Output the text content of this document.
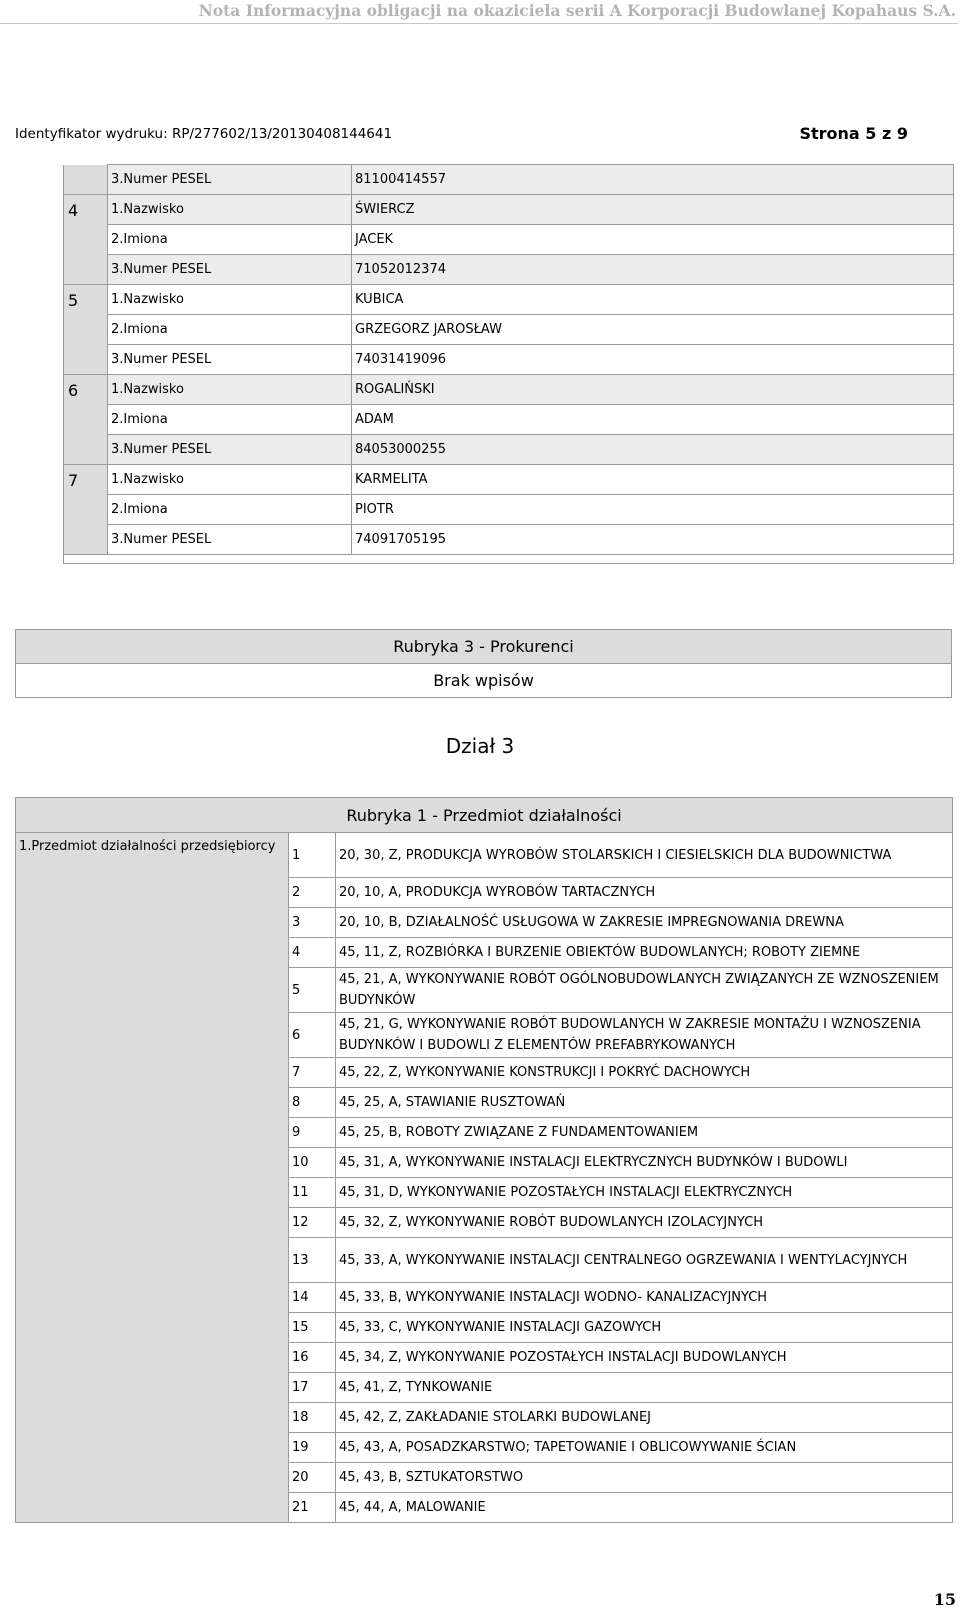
Nota Informacyjna obligacji na okaziciela serii A Korporacji Budowlanej Kopahaus S.A.
Identyfikator wydruku: RP/277602/13/20130408144641	Strona 5 z 9
	3.Numer PESEL	81100414557
4	1.Nazwisko	ŚWIERCZ
	2.Imiona	JACEK
	3.Numer PESEL	71052012374
5	1.Nazwisko	KUBICA
	2.Imiona	GRZEGORZ JAROSŁAW
	3.Numer PESEL	74031419096
6	1.Nazwisko	ROGALIŃSKI
	2.Imiona	ADAM
	3.Numer PESEL	84053000255
7	1.Nazwisko	KARMELITA
	2.Imiona	PIOTR
	3.Numer PESEL	74091705195

Rubryka 3 - Prokurenci
Brak wpisów
Dział 3
Rubryka 1 - Przedmiot działalności		
1.Przedmiot działalności przedsiębiorcy	1	20, 30, Z, PRODUKCJA WYROBÓW STOLARSKICH I CIESIELSKICH DLA BUDOWNICTWA
	2	20, 10, A, PRODUKCJA WYROBÓW TARTACZNYCH
	3	20, 10, B, DZIAŁALNOŚĆ USŁUGOWA W ZAKRESIE IMPREGNOWANIA DREWNA
	4	45, 11, Z, ROZBIÓRKA I BURZENIE OBIEKTÓW BUDOWLANYCH; ROBOTY ZIEMNE
	5	45, 21, A, WYKONYWANIE ROBÓT OGÓLNOBUDOWLANYCH ZWIĄZANYCH ZE WZNOSZENIEM BUDYNKÓW
	6	45, 21, G, WYKONYWANIE ROBÓT BUDOWLANYCH W ZAKRESIE MONTAŻU I WZNOSZENIA BUDYNKÓW I BUDOWLI Z ELEMENTÓW PREFABRYKOWANYCH
	7	45, 22, Z, WYKONYWANIE KONSTRUKCJI I POKRYĆ DACHOWYCH
	8	45, 25, A, STAWIANIE RUSZTOWAŃ
	9	45, 25, B, ROBOTY ZWIĄZANE Z FUNDAMENTOWANIEM
	10	45, 31, A, WYKONYWANIE INSTALACJI ELEKTRYCZNYCH BUDYNKÓW I BUDOWLI
	11	45, 31, D, WYKONYWANIE POZOSTAŁYCH INSTALACJI ELEKTRYCZNYCH
	12	45, 32, Z, WYKONYWANIE ROBÓT BUDOWLANYCH IZOLACYJNYCH
	13	45, 33, A, WYKONYWANIE INSTALACJI CENTRALNEGO OGRZEWANIA I WENTYLACYJNYCH
	14	45, 33, B, WYKONYWANIE INSTALACJI WODNO- KANALIZACYJNYCH
	15	45, 33, C, WYKONYWANIE INSTALACJI GAZOWYCH
	16	45, 34, Z, WYKONYWANIE POZOSTAŁYCH INSTALACJI BUDOWLANYCH
	17	45, 41, Z, TYNKOWANIE
	18	45, 42, Z, ZAKŁADANIE STOLARKI BUDOWLANEJ
	19	45, 43, A, POSADZKARSTWO; TAPETOWANIE I OBLICOWYWANIE ŚCIAN
	20	45, 43, B, SZTUKATORSTWO
	21	45, 44, A, MALOWANIE
15
